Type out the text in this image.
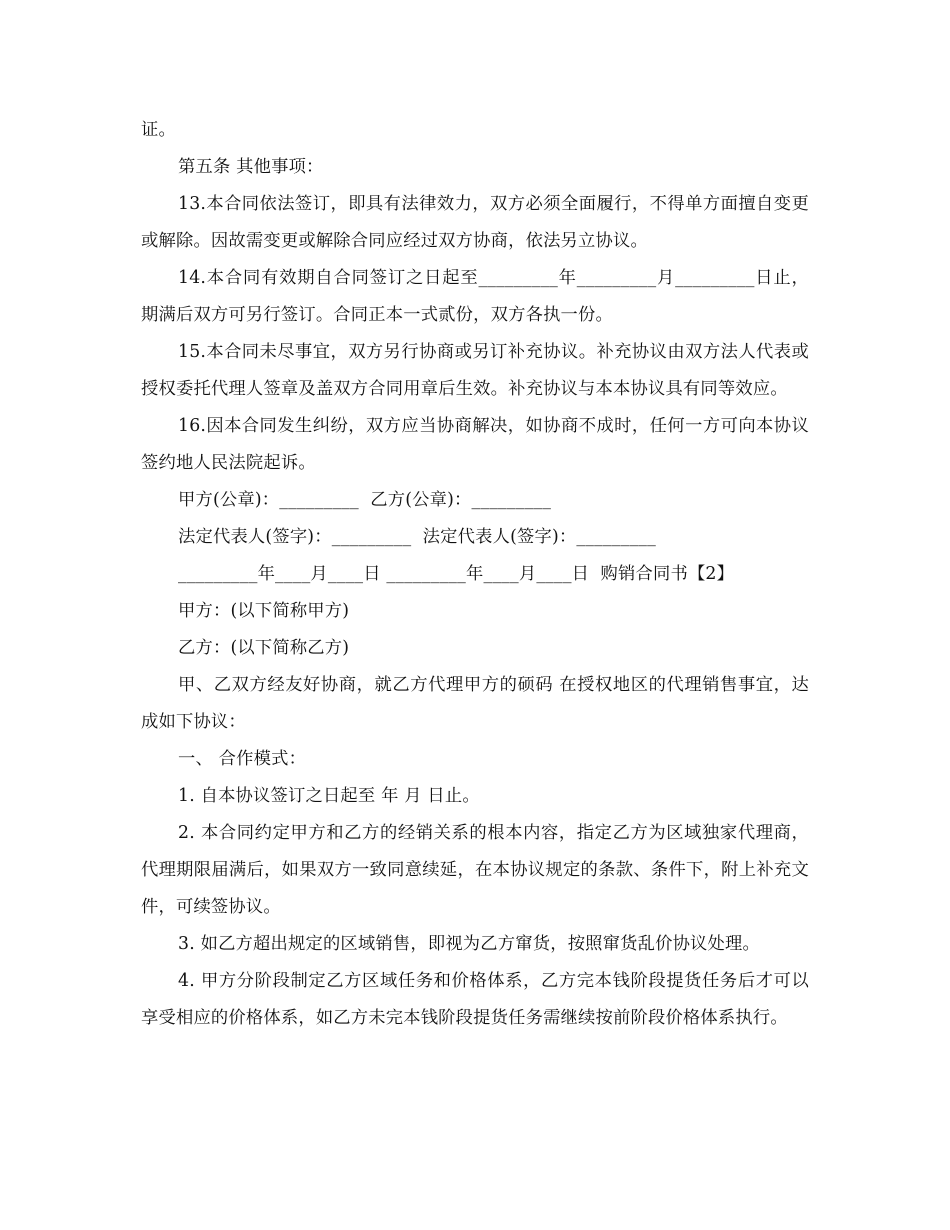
证。

第五条 其他事项：

13.本合同依法签订，即具有法律效力，双方必须全面履行，不得单方面擅自变更或解除。因故需变更或解除合同应经过双方协商，依法另立协议。

14.本合同有效期自合同签订之日起至_________年_________月_________日止，期满后双方可另行签订。合同正本一式贰份，双方各执一份。

15.本合同未尽事宜，双方另行协商或另订补充协议。补充协议由双方法人代表或授权委托代理人签章及盖双方合同用章后生效。补充协议与本本协议具有同等效应。

16.因本合同发生纠纷，双方应当协商解决，如协商不成时，任何一方可向本协议签约地人民法院起诉。

甲方(公章)：_________  乙方(公章)：_________

法定代表人(签字)：_________  法定代表人(签字)：_________

_________年____月____日 _________年____月____日  购销合同书【2】

甲方：(以下简称甲方)

乙方：(以下简称乙方)

甲、乙双方经友好协商，就乙方代理甲方的硕码 在授权地区的代理销售事宜，达成如下协议：

一、 合作模式：

1. 自本协议签订之日起至 年 月 日止。

2. 本合同约定甲方和乙方的经销关系的根本内容，指定乙方为区域独家代理商， 代理期限届满后，如果双方一致同意续延，在本协议规定的条款、条件下，附上补充文件，可续签协议。

3. 如乙方超出规定的区域销售，即视为乙方窜货，按照窜货乱价协议处理。

4. 甲方分阶段制定乙方区域任务和价格体系，乙方完本钱阶段提货任务后才可以享受相应的价格体系，如乙方未完本钱阶段提货任务需继续按前阶段价格体系执行。
